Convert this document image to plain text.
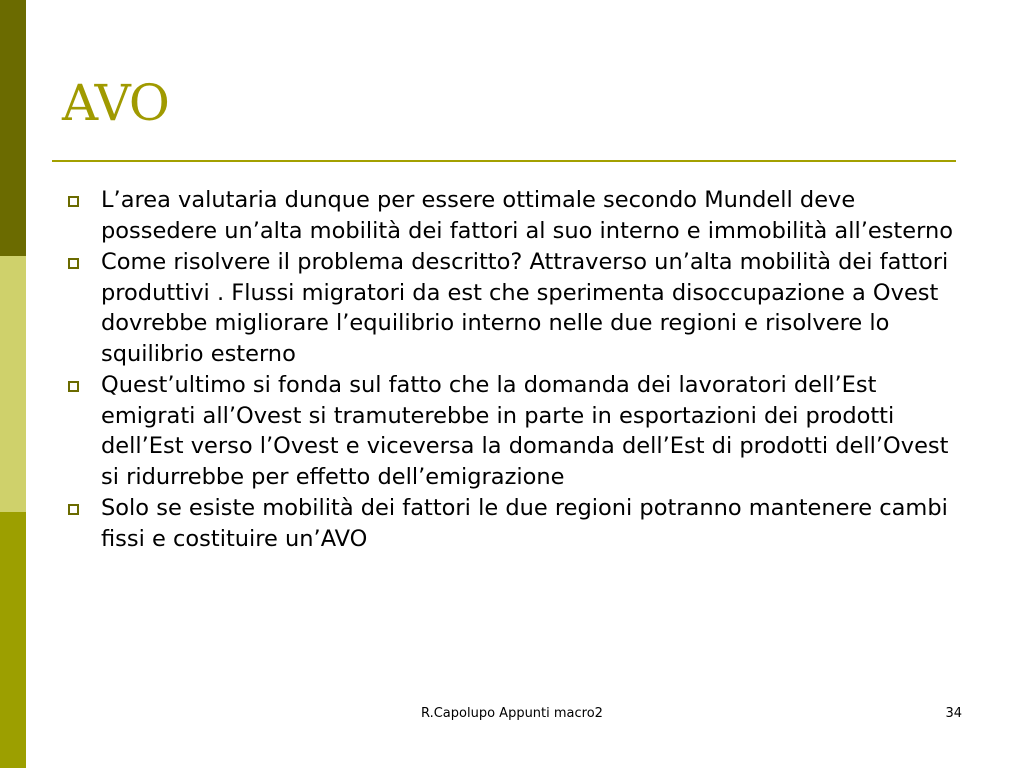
AVO
L’area valutaria dunque per essere ottimale secondo Mundell deve possedere un’alta mobilità dei fattori al suo interno e immobilità all’esterno
Come risolvere il problema descritto? Attraverso un’alta mobilità dei fattori produttivi . Flussi migratori da est che sperimenta disoccupazione a Ovest dovrebbe migliorare l’equilibrio interno nelle due regioni e risolvere lo squilibrio esterno
Quest’ultimo si fonda sul fatto che la domanda dei lavoratori dell’Est emigrati all’Ovest si tramuterebbe in parte in esportazioni dei prodotti dell’Est verso l’Ovest e viceversa la domanda dell’Est di prodotti dell’Ovest si ridurrebbe per effetto dell’emigrazione
Solo se esiste mobilità dei fattori le due regioni potranno mantenere cambi fissi e costituire un’AVO
R.Capolupo Appunti macro2	34
